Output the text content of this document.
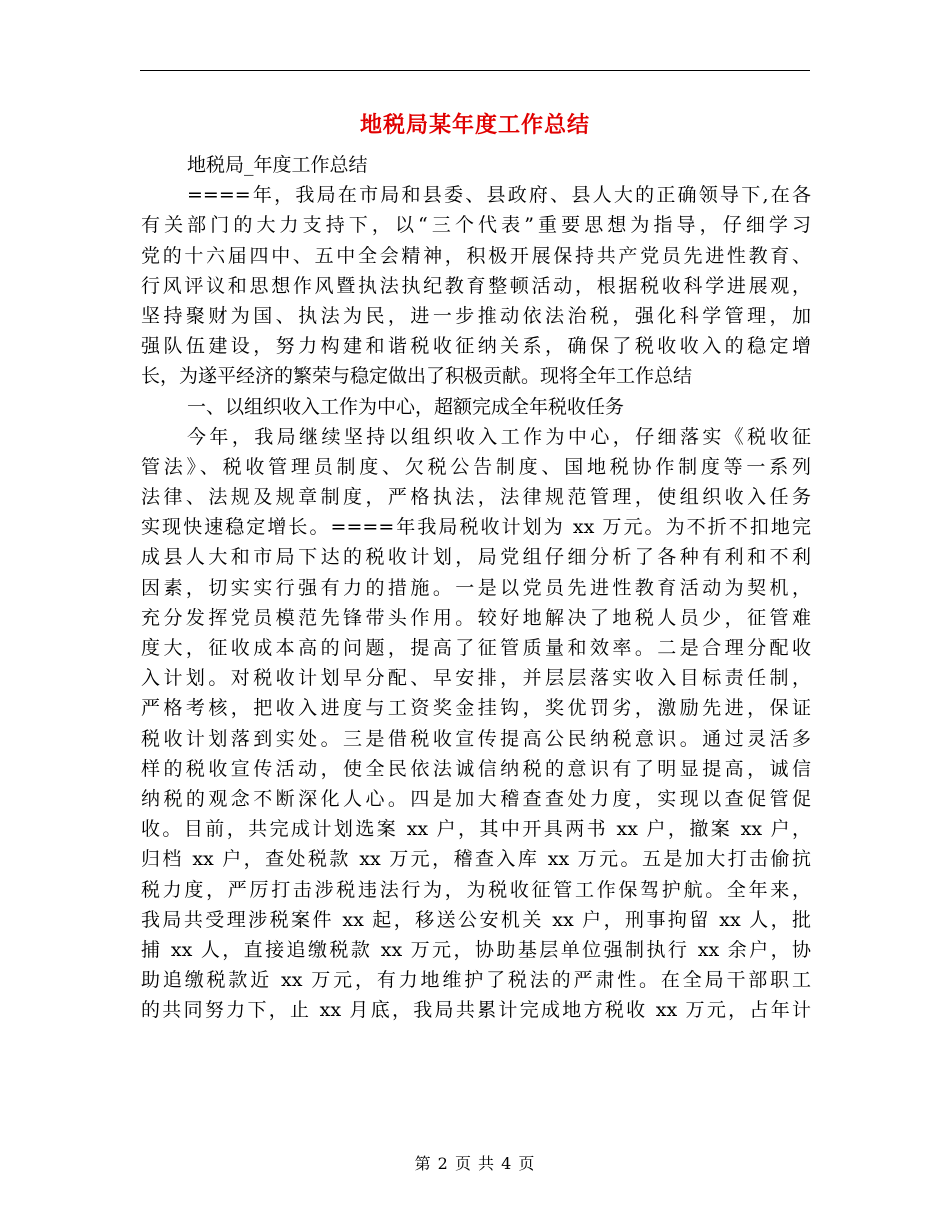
地税局某年度工作总结
地税局_年度工作总结
====年，我局在市局和县委、县政府、县人大的正确领导下,在各
有关部门的大力支持下，以“三个代表”重要思想为指导，仔细学习
党的十六届四中、五中全会精神，积极开展保持共产党员先进性教育、
行风评议和思想作风暨执法执纪教育整顿活动，根据税收科学进展观，
坚持聚财为国、执法为民，进一步推动依法治税，强化科学管理，加
强队伍建设，努力构建和谐税收征纳关系，确保了税收收入的稳定增
长，为遂平经济的繁荣与稳定做出了积极贡献。现将全年工作总结
一、以组织收入工作为中心，超额完成全年税收任务
今年，我局继续坚持以组织收入工作为中心，仔细落实《税收征
管法》、税收管理员制度、欠税公告制度、国地税协作制度等一系列
法律、法规及规章制度，严格执法，法律规范管理，使组织收入任务
实现快速稳定增长。====年我局税收计划为 xx 万元。为不折不扣地完
成县人大和市局下达的税收计划，局党组仔细分析了各种有利和不利
因素，切实实行强有力的措施。一是以党员先进性教育活动为契机，
充分发挥党员模范先锋带头作用。较好地解决了地税人员少，征管难
度大，征收成本高的问题，提高了征管质量和效率。二是合理分配收
入计划。对税收计划早分配、早安排，并层层落实收入目标责任制，
严格考核，把收入进度与工资奖金挂钩，奖优罚劣，激励先进，保证
税收计划落到实处。三是借税收宣传提高公民纳税意识。通过灵活多
样的税收宣传活动，使全民依法诚信纳税的意识有了明显提高，诚信
纳税的观念不断深化人心。四是加大稽查查处力度，实现以查促管促
收。目前，共完成计划选案 xx 户，其中开具两书 xx 户，撤案 xx 户，
归档 xx 户，查处税款 xx 万元，稽查入库 xx 万元。五是加大打击偷抗
税力度，严厉打击涉税违法行为，为税收征管工作保驾护航。全年来，
我局共受理涉税案件 xx 起，移送公安机关 xx 户，刑事拘留 xx 人，批
捕 xx 人，直接追缴税款 xx 万元，协助基层单位强制执行 xx 余户，协
助追缴税款近 xx 万元，有力地维护了税法的严肃性。在全局干部职工
的共同努力下，止 xx 月底，我局共累计完成地方税收 xx 万元，占年计
第 2 页 共 4 页
